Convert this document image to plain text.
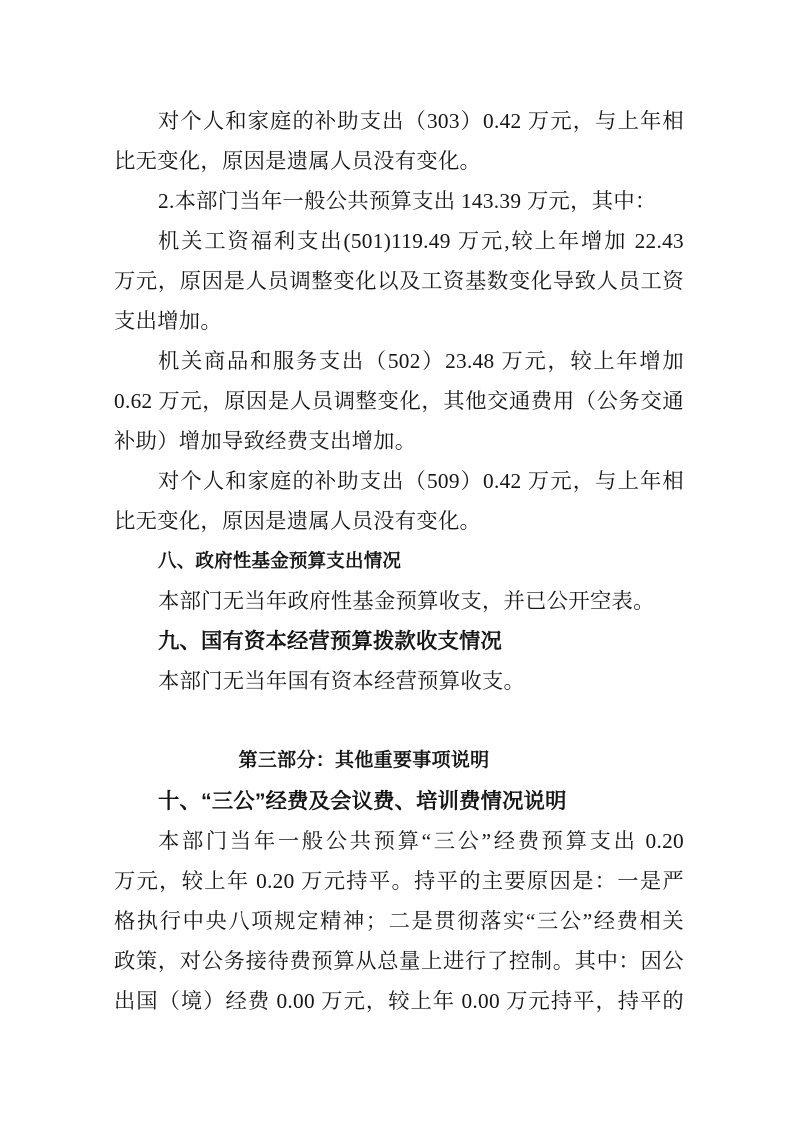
对个人和家庭的补助支出（303）0.42 万元，与上年相
比无变化，原因是遗属人员没有变化。
2.本部门当年一般公共预算支出 143.39 万元，其中：
机关工资福利支出(501)119.49 万元,较上年增加 22.43
万元，原因是人员调整变化以及工资基数变化导致人员工资
支出增加。
机关商品和服务支出（502）23.48 万元，较上年增加
0.62 万元，原因是人员调整变化，其他交通费用（公务交通
补助）增加导致经费支出增加。
对个人和家庭的补助支出（509）0.42 万元，与上年相
比无变化，原因是遗属人员没有变化。
八、政府性基金预算支出情况
本部门无当年政府性基金预算收支，并已公开空表。
九、国有资本经营预算拨款收支情况
本部门无当年国有资本经营预算收支。
第三部分：其他重要事项说明
十、“三公”经费及会议费、培训费情况说明
本部门当年一般公共预算“三公”经费预算支出 0.20
万元，较上年 0.20 万元持平。持平的主要原因是：一是严
格执行中央八项规定精神；二是贯彻落实“三公”经费相关
政策，对公务接待费预算从总量上进行了控制。其中：因公
出国（境）经费 0.00 万元，较上年 0.00 万元持平，持平的
